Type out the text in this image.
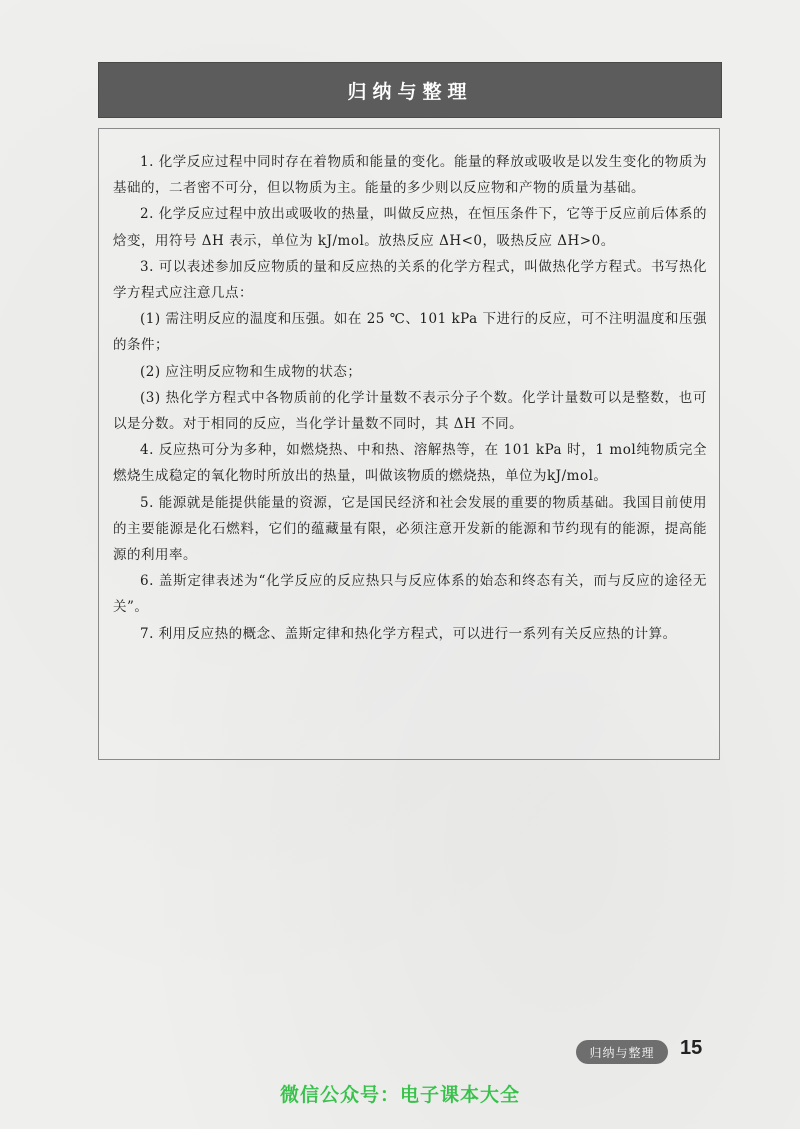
归纳与整理

1. 化学反应过程中同时存在着物质和能量的变化。能量的释放或吸收是以发生变化的物质为基础的，二者密不可分，但以物质为主。能量的多少则以反应物和产物的质量为基础。

2. 化学反应过程中放出或吸收的热量，叫做反应热，在恒压条件下，它等于反应前后体系的焓变，用符号 ΔH 表示，单位为 kJ/mol。放热反应 ΔH<0，吸热反应 ΔH>0。

3. 可以表述参加反应物质的量和反应热的关系的化学方程式，叫做热化学方程式。书写热化学方程式应注意几点：

(1) 需注明反应的温度和压强。如在 25 ℃、101 kPa 下进行的反应，可不注明温度和压强的条件；

(2) 应注明反应物和生成物的状态；

(3) 热化学方程式中各物质前的化学计量数不表示分子个数。化学计量数可以是整数，也可以是分数。对于相同的反应，当化学计量数不同时，其 ΔH 不同。

4. 反应热可分为多种，如燃烧热、中和热、溶解热等，在 101 kPa 时，1 mol纯物质完全燃烧生成稳定的氧化物时所放出的热量，叫做该物质的燃烧热，单位为kJ/mol。

5. 能源就是能提供能量的资源，它是国民经济和社会发展的重要的物质基础。我国目前使用的主要能源是化石燃料，它们的蕴藏量有限，必须注意开发新的能源和节约现有的能源，提高能源的利用率。

6. 盖斯定律表述为“化学反应的反应热只与反应体系的始态和终态有关，而与反应的途径无关”。

7. 利用反应热的概念、盖斯定律和热化学方程式，可以进行一系列有关反应热的计算。

归纳与整理	15
微信公众号：电子课本大全
